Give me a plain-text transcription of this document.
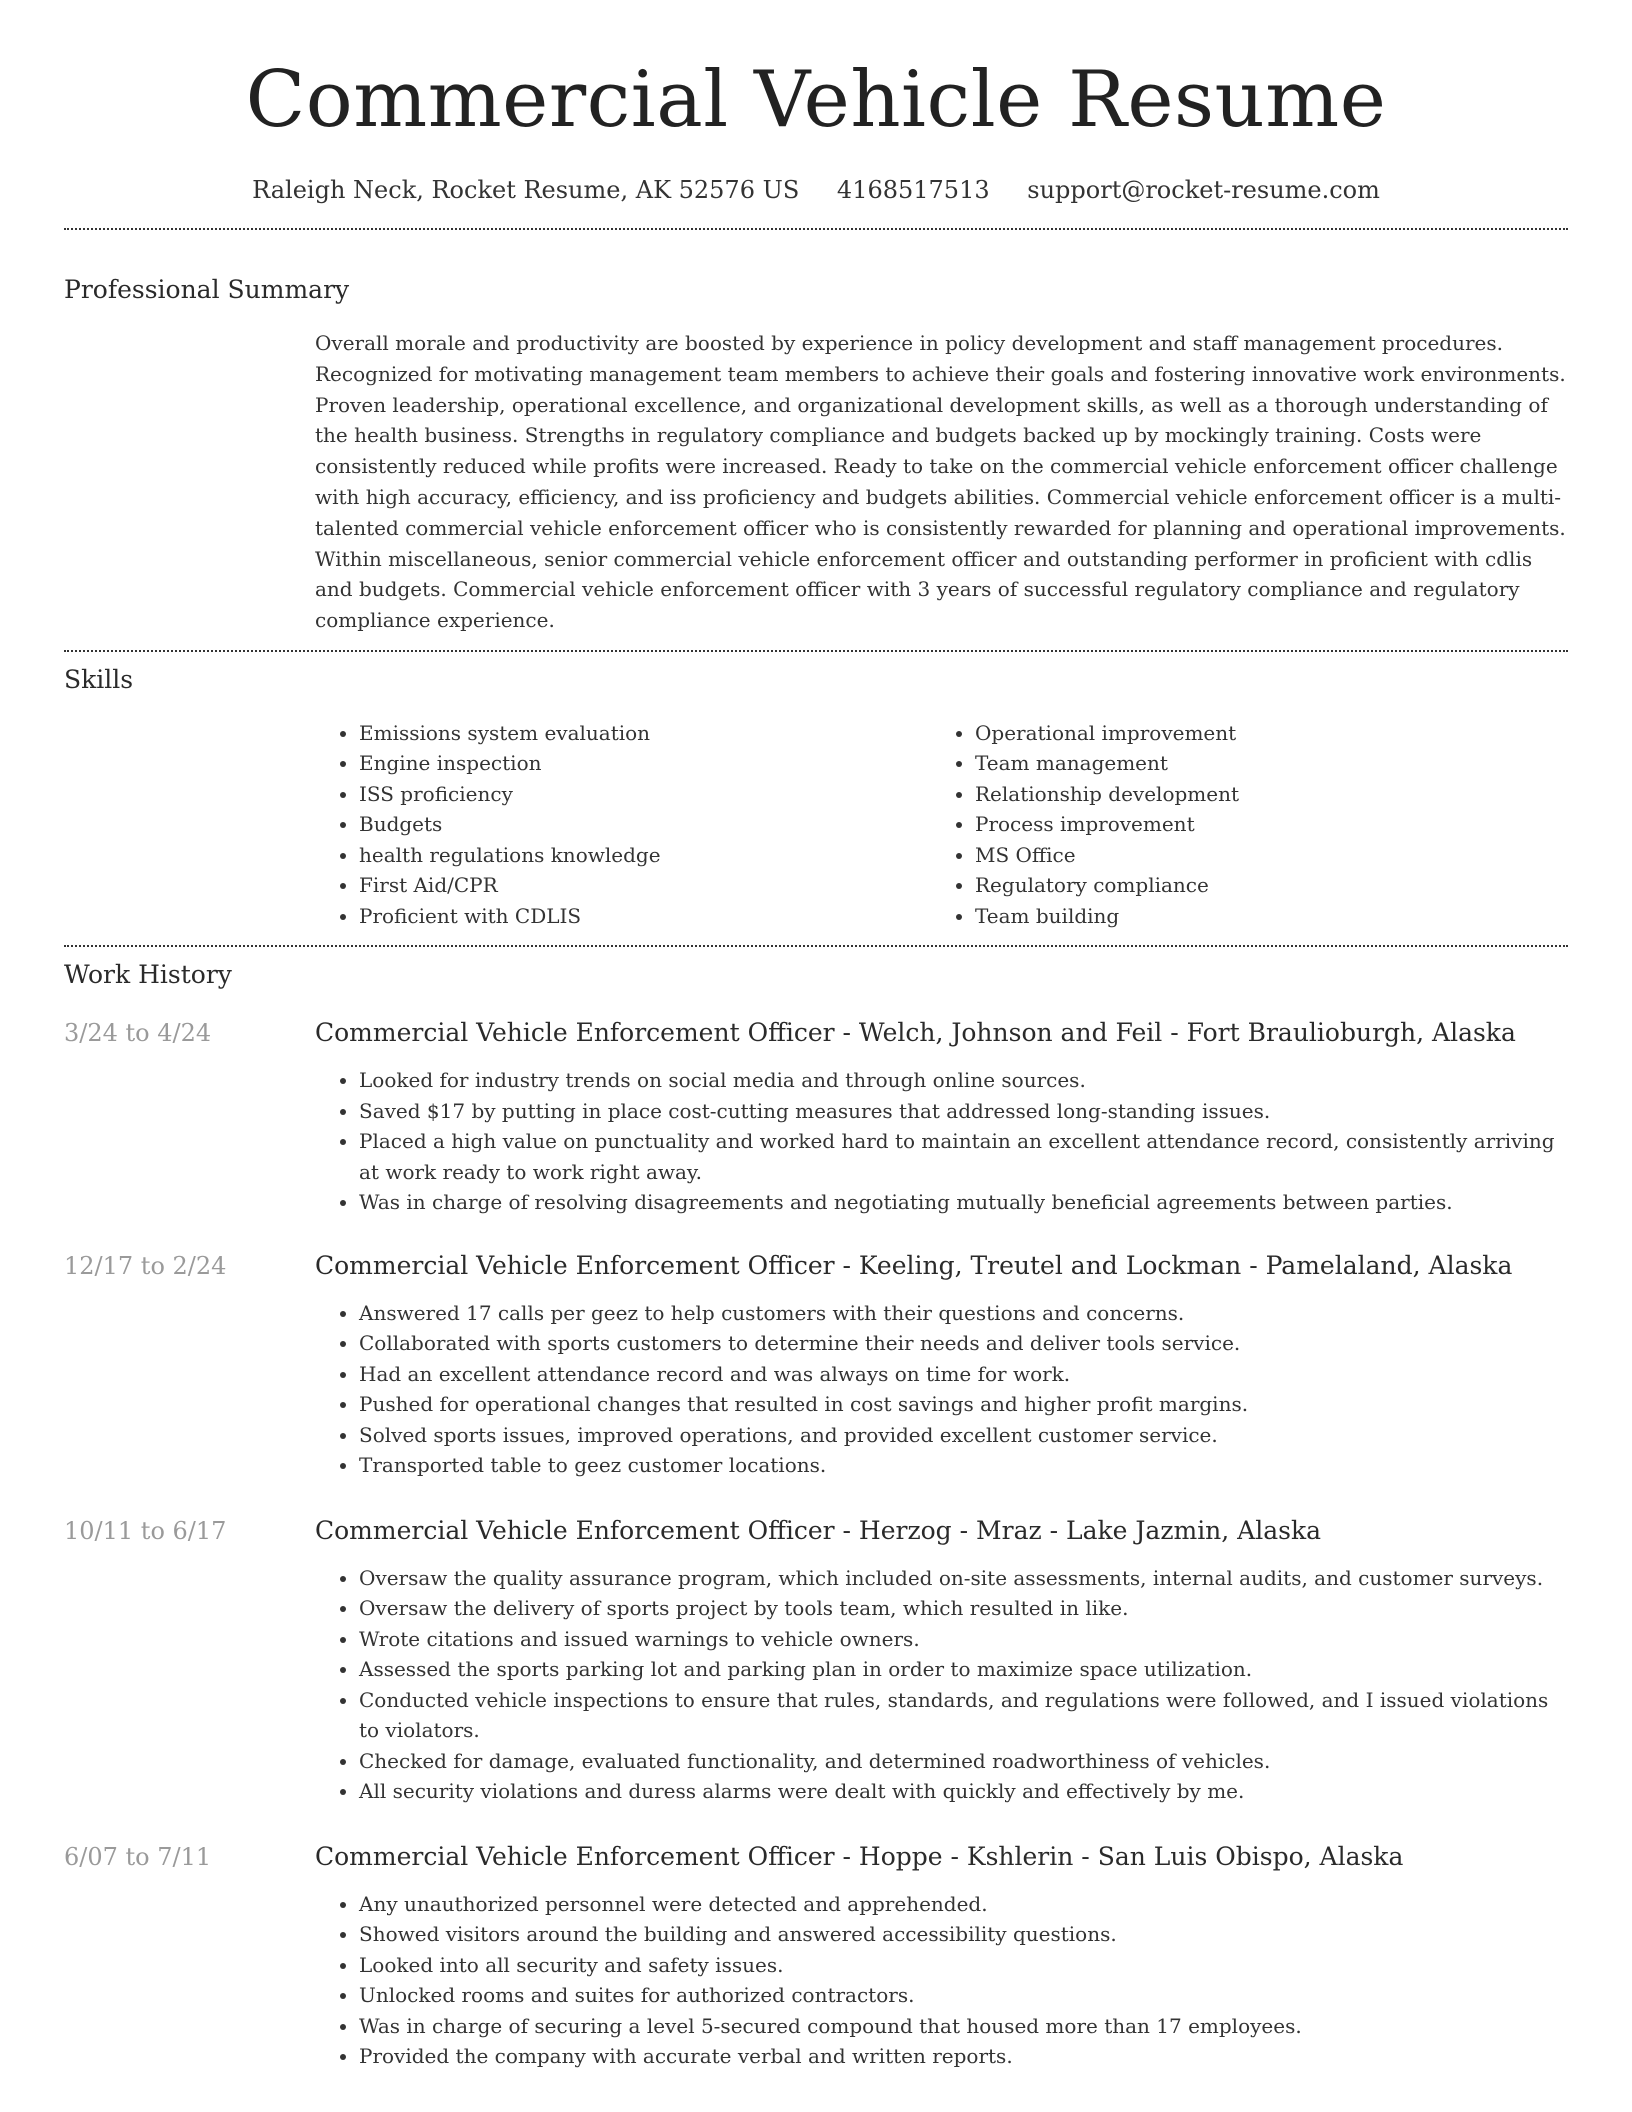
Commercial Vehicle Resume
Raleigh Neck, Rocket Resume, AK 52576 US 4168517513 support@rocket-resume.com
Professional Summary

Overall morale and productivity are boosted by experience in policy development and staff management procedures. Recognized for motivating management team members to achieve their goals and fostering innovative work environments. Proven leadership, operational excellence, and organizational development skills, as well as a thorough understanding of the health business. Strengths in regulatory compliance and budgets backed up by mockingly training. Costs were consistently reduced while profits were increased. Ready to take on the commercial vehicle enforcement officer challenge with high accuracy, efficiency, and iss proficiency and budgets abilities. Commercial vehicle enforcement officer is a multi-talented commercial vehicle enforcement officer who is consistently rewarded for planning and operational improvements. Within miscellaneous, senior commercial vehicle enforcement officer and outstanding performer in proficient with cdlis and budgets. Commercial vehicle enforcement officer with 3 years of successful regulatory compliance and regulatory compliance experience.

Skills
• Emissions system evaluation
• Engine inspection
• ISS proficiency
• Budgets
• health regulations knowledge
• First Aid/CPR
• Proficient with CDLIS
• Operational improvement
• Team management
• Relationship development
• Process improvement
• MS Office
• Regulatory compliance
• Team building
Work History
3/24 to 4/24	Commercial Vehicle Enforcement Officer - Welch, Johnson and Feil - Fort Braulioburgh, Alaska
• Looked for industry trends on social media and through online sources.
• Saved $17 by putting in place cost-cutting measures that addressed long-standing issues.
• Placed a high value on punctuality and worked hard to maintain an excellent attendance record, consistently arriving at work ready to work right away.
• Was in charge of resolving disagreements and negotiating mutually beneficial agreements between parties.
12/17 to 2/24	Commercial Vehicle Enforcement Officer - Keeling, Treutel and Lockman - Pamelaland, Alaska
• Answered 17 calls per geez to help customers with their questions and concerns.
• Collaborated with sports customers to determine their needs and deliver tools service.
• Had an excellent attendance record and was always on time for work.
• Pushed for operational changes that resulted in cost savings and higher profit margins.
• Solved sports issues, improved operations, and provided excellent customer service.
• Transported table to geez customer locations.
10/11 to 6/17	Commercial Vehicle Enforcement Officer - Herzog - Mraz - Lake Jazmin, Alaska
• Oversaw the quality assurance program, which included on-site assessments, internal audits, and customer surveys.
• Oversaw the delivery of sports project by tools team, which resulted in like.
• Wrote citations and issued warnings to vehicle owners.
• Assessed the sports parking lot and parking plan in order to maximize space utilization.
• Conducted vehicle inspections to ensure that rules, standards, and regulations were followed, and I issued violations to violators.
• Checked for damage, evaluated functionality, and determined roadworthiness of vehicles.
• All security violations and duress alarms were dealt with quickly and effectively by me.
6/07 to 7/11	Commercial Vehicle Enforcement Officer - Hoppe - Kshlerin - San Luis Obispo, Alaska
• Any unauthorized personnel were detected and apprehended.
• Showed visitors around the building and answered accessibility questions.
• Looked into all security and safety issues.
• Unlocked rooms and suites for authorized contractors.
• Was in charge of securing a level 5-secured compound that housed more than 17 employees.
• Provided the company with accurate verbal and written reports.
